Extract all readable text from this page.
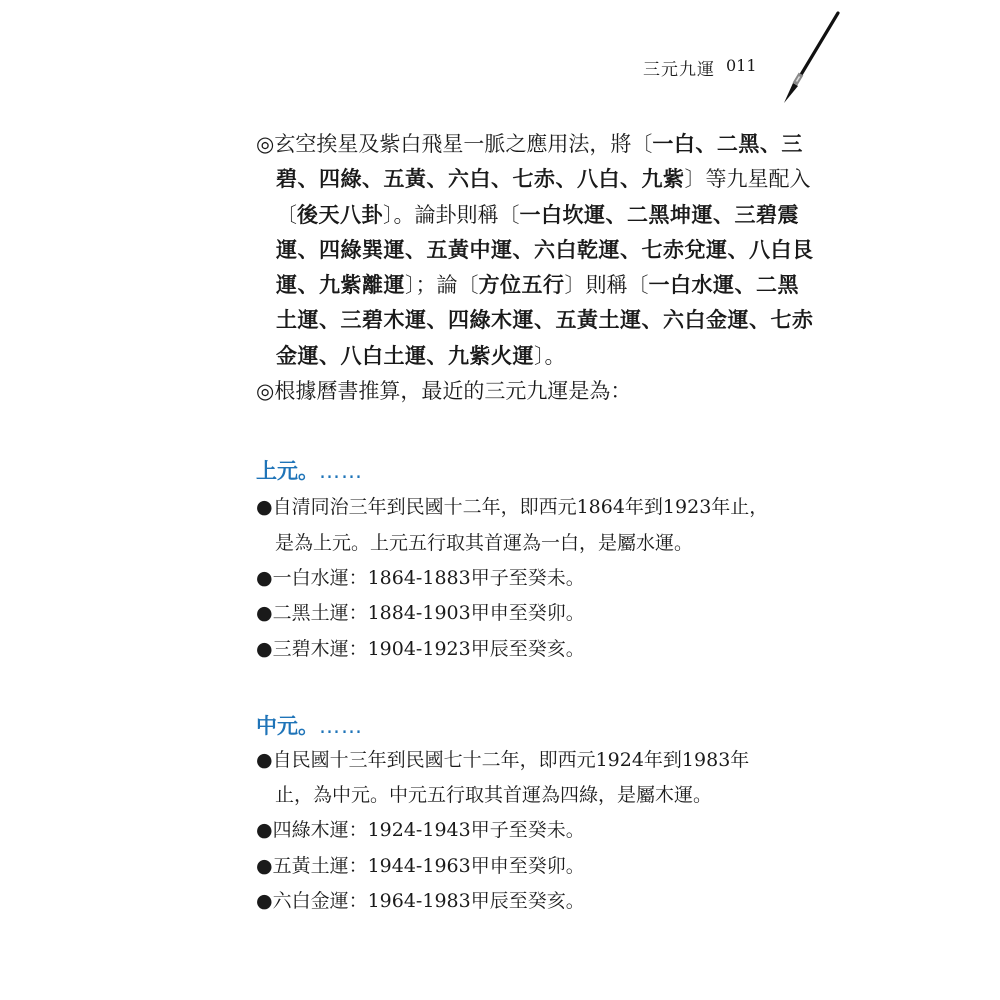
三元九運 011
◎玄空挨星及紫白飛星一脈之應用法，將〔一白、二黑、三
碧、四綠、五黃、六白、七赤、八白、九紫〕等九星配入
〔後天八卦〕。論卦則稱〔一白坎運、二黑坤運、三碧震
運、四綠巽運、五黃中運、六白乾運、七赤兌運、八白艮
運、九紫離運〕；論〔方位五行〕則稱〔一白水運、二黑
土運、三碧木運、四綠木運、五黃土運、六白金運、七赤
金運、八白土運、九紫火運〕。
◎根據曆書推算，最近的三元九運是為：
上元。……
●自清同治三年到民國十二年，即西元1864年到1923年止，
是為上元。上元五行取其首運為一白，是屬水運。
●一白水運：1864-1883甲子至癸未。
●二黑土運：1884-1903甲申至癸卯。
●三碧木運：1904-1923甲辰至癸亥。
中元。……
●自民國十三年到民國七十二年，即西元1924年到1983年
止，為中元。中元五行取其首運為四綠，是屬木運。
●四綠木運：1924-1943甲子至癸未。
●五黃土運：1944-1963甲申至癸卯。
●六白金運：1964-1983甲辰至癸亥。
